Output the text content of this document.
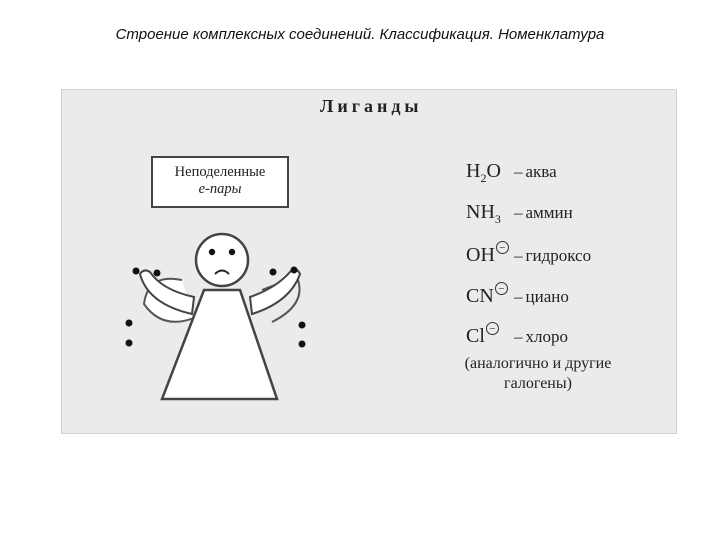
Строение комплексных соединений. Классификация. Номенклатура
Лиганды
Неподеленные
е-пары
$H_2O$ – аква
$NH_3$ – аммин
OH − – гидроксо
CN − – циано
Cl − – хлоро
(аналогично и другие
галогены)
